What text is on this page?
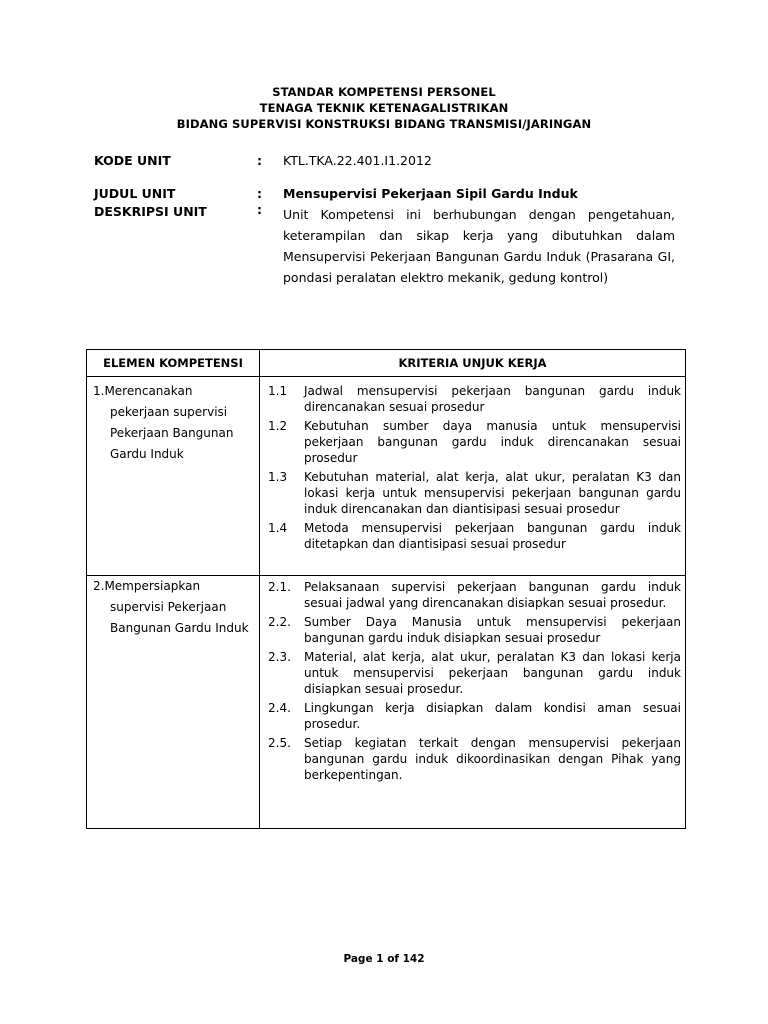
STANDAR KOMPETENSI PERSONEL
TENAGA TEKNIK KETENAGALISTRIKAN
BIDANG SUPERVISI KONSTRUKSI BIDANG TRANSMISI/JARINGAN
KODE UNIT	: KTL.TKA.22.401.I1.2012
JUDUL UNIT	: Mensupervisi Pekerjaan Sipil Gardu Induk
DESKRIPSI UNIT	: Unit Kompetensi ini berhubungan dengan pengetahuan, keterampilan dan sikap kerja yang dibutuhkan dalam Mensupervisi Pekerjaan Bangunan Gardu Induk (Prasarana GI, pondasi peralatan elektro mekanik, gedung kontrol)
ELEMEN KOMPETENSI	KRITERIA UNJUK KERJA
1.Merencanakan
pekerjaan supervisi Pekerjaan Bangunan Gardu Induk
1.1	Jadwal mensupervisi pekerjaan bangunan gardu induk direncanakan sesuai prosedur
1.2	Kebutuhan sumber daya manusia untuk mensupervisi pekerjaan bangunan gardu induk direncanakan sesuai prosedur
1.3	Kebutuhan material, alat kerja, alat ukur, peralatan K3 dan lokasi kerja untuk mensupervisi pekerjaan bangunan gardu induk direncanakan dan diantisipasi sesuai prosedur
1.4	Metoda mensupervisi pekerjaan bangunan gardu induk ditetapkan dan diantisipasi sesuai prosedur
2.Mempersiapkan
supervisi Pekerjaan Bangunan Gardu Induk
2.1.	Pelaksanaan supervisi pekerjaan bangunan gardu induk sesuai jadwal yang direncanakan disiapkan sesuai prosedur.
2.2.	Sumber Daya Manusia untuk mensupervisi pekerjaan bangunan gardu induk disiapkan sesuai prosedur
2.3.	Material, alat kerja, alat ukur, peralatan K3 dan lokasi kerja untuk mensupervisi pekerjaan bangunan gardu induk disiapkan sesuai prosedur.
2.4.	Lingkungan kerja disiapkan dalam kondisi aman sesuai prosedur.
2.5.	Setiap kegiatan terkait dengan mensupervisi pekerjaan bangunan gardu induk dikoordinasikan dengan Pihak yang berkepentingan.
Page 1 of 142
